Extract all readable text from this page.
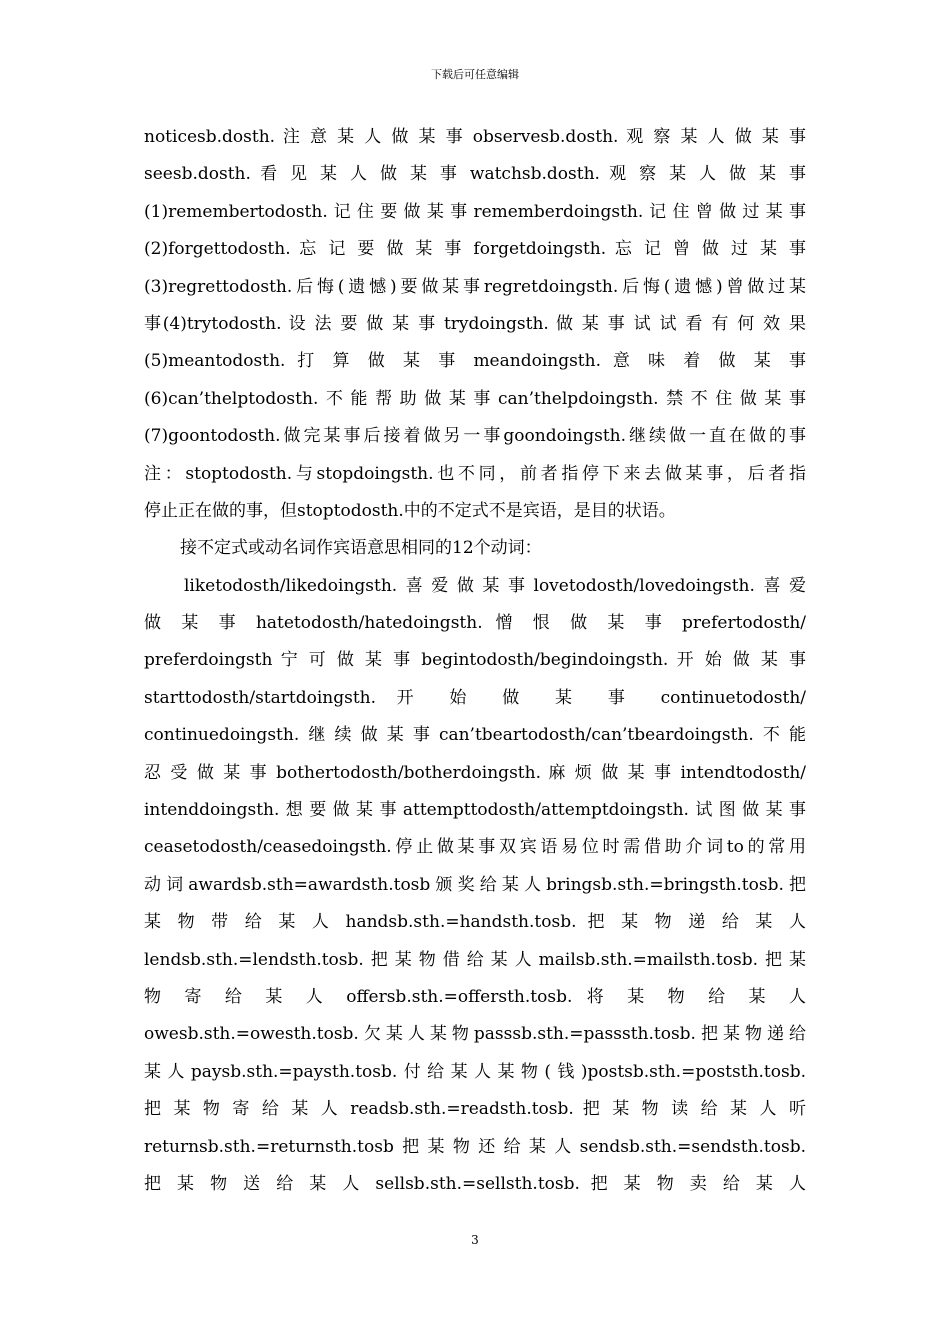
下载后可任意编辑
noticesb.dosth. 注 意 某 人 做 某 事 observesb.dosth. 观 察 某 人 做 某 事
seesb.dosth. 看 见 某 人 做 某 事 watchsb.dosth. 观 察 某 人 做 某 事
(1)remembertodosth. 记 住 要 做 某 事 rememberdoingsth. 记 住 曾 做 过 某 事
(2)forgettodosth. 忘 记 要 做 某 事 forgetdoingsth. 忘 记 曾 做 过 某 事
(3)regrettodosth.后悔(遗憾)要做某事regretdoingsth.后悔(遗憾)曾做过某
事(4)trytodosth. 设 法 要 做 某 事 trydoingsth. 做 某 事 试 试 看 有 何 效 果
(5)meantodosth. 打 算 做 某 事 meandoingsth. 意 味 着 做 某 事
(6)can’thelptodosth.不能帮助做某事can’thelpdoingsth.禁不住做某事
(7)goontodosth.做完某事后接着做另一事goondoingsth.继续做一直在做的事
注：stoptodosth.与stopdoingsth.也不同，前者指停下来去做某事，后者指
停止正在做的事，但stoptodosth.中的不定式不是宾语，是目的状语。
接不定式或动名词作宾语意思相同的12个动词：
liketodosth/likedoingsth.喜爱做某事lovetodosth/lovedoingsth.喜爱
做 某 事 hatetodosth/hatedoingsth. 憎 恨 做 某 事 prefertodosth/
preferdoingsth 宁 可 做 某 事 begintodosth/begindoingsth. 开 始 做 某 事
starttodosth/startdoingsth. 开 始 做 某 事 continuetodosth/
continuedoingsth.继续做某事can’tbeartodosth/can’tbeardoingsth.不能
忍 受 做 某 事 bothertodosth/botherdoingsth. 麻 烦 做 某 事 intendtodosth/
intenddoingsth.想要做某事attempttodosth/attemptdoingsth.试图做某事
ceasetodosth/ceasedoingsth.停止做某事双宾语易位时需借助介词to的常用
动词awardsb.sth=awardsth.tosb颁奖给某人bringsb.sth.=bringsth.tosb.把
某 物 带 给 某 人 handsb.sth.=handsth.tosb. 把 某 物 递 给 某 人
lendsb.sth.=lendsth.tosb.把某物借给某人mailsb.sth.=mailsth.tosb.把某
物 寄 给 某 人 offersb.sth.=offersth.tosb. 将 某 物 给 某 人
owesb.sth.=owesth.tosb.欠某人某物passsb.sth.=passsth.tosb.把某物递给
某人paysb.sth.=paysth.tosb.付给某人某物(钱)postsb.sth.=poststh.tosb.
把 某 物 寄 给 某 人 readsb.sth.=readsth.tosb. 把 某 物 读 给 某 人 听
returnsb.sth.=returnsth.tosb把某物还给某人sendsb.sth.=sendsth.tosb.
把 某 物 送 给 某 人 sellsb.sth.=sellsth.tosb. 把 某 物 卖 给 某 人
3
